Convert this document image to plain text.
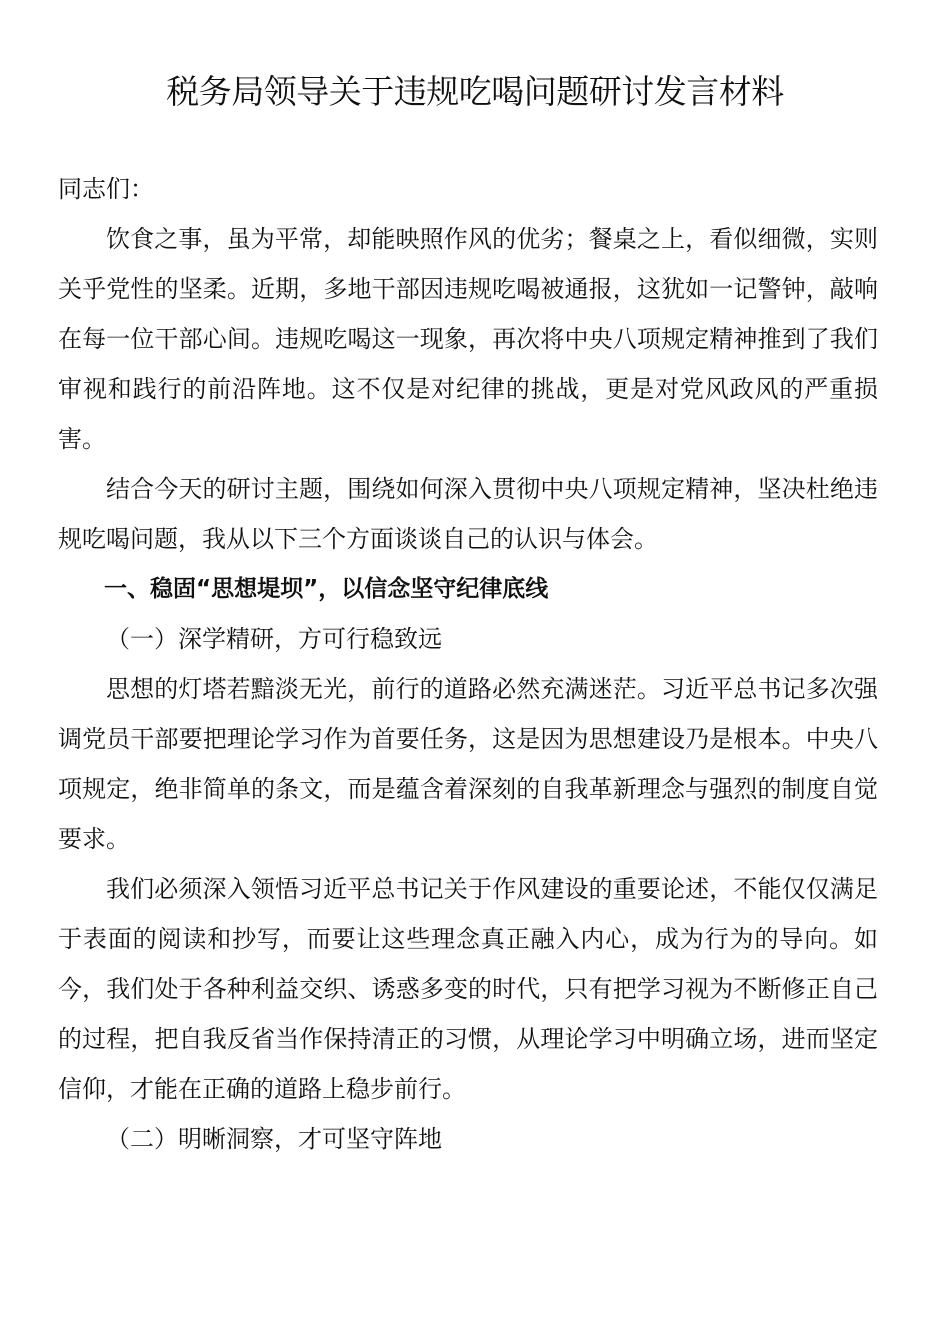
税务局领导关于违规吃喝问题研讨发言材料

同志们：

饮食之事，虽为平常，却能映照作风的优劣；餐桌之上，看似细微，实则关乎党性的坚柔。近期，多地干部因违规吃喝被通报，这犹如一记警钟，敲响在每一位干部心间。违规吃喝这一现象，再次将中央八项规定精神推到了我们审视和践行的前沿阵地。这不仅是对纪律的挑战，更是对党风政风的严重损害。

结合今天的研讨主题，围绕如何深入贯彻中央八项规定精神，坚决杜绝违规吃喝问题，我从以下三个方面谈谈自己的认识与体会。

一、稳固“思想堤坝”，以信念坚守纪律底线

（一）深学精研，方可行稳致远

思想的灯塔若黯淡无光，前行的道路必然充满迷茫。习近平总书记多次强调党员干部要把理论学习作为首要任务，这是因为思想建设乃是根本。中央八项规定，绝非简单的条文，而是蕴含着深刻的自我革新理念与强烈的制度自觉要求。

我们必须深入领悟习近平总书记关于作风建设的重要论述，不能仅仅满足于表面的阅读和抄写，而要让这些理念真正融入内心，成为行为的导向。如今，我们处于各种利益交织、诱惑多变的时代，只有把学习视为不断修正自己的过程，把自我反省当作保持清正的习惯，从理论学习中明确立场，进而坚定信仰，才能在正确的道路上稳步前行。

（二）明晰洞察，才可坚守阵地
